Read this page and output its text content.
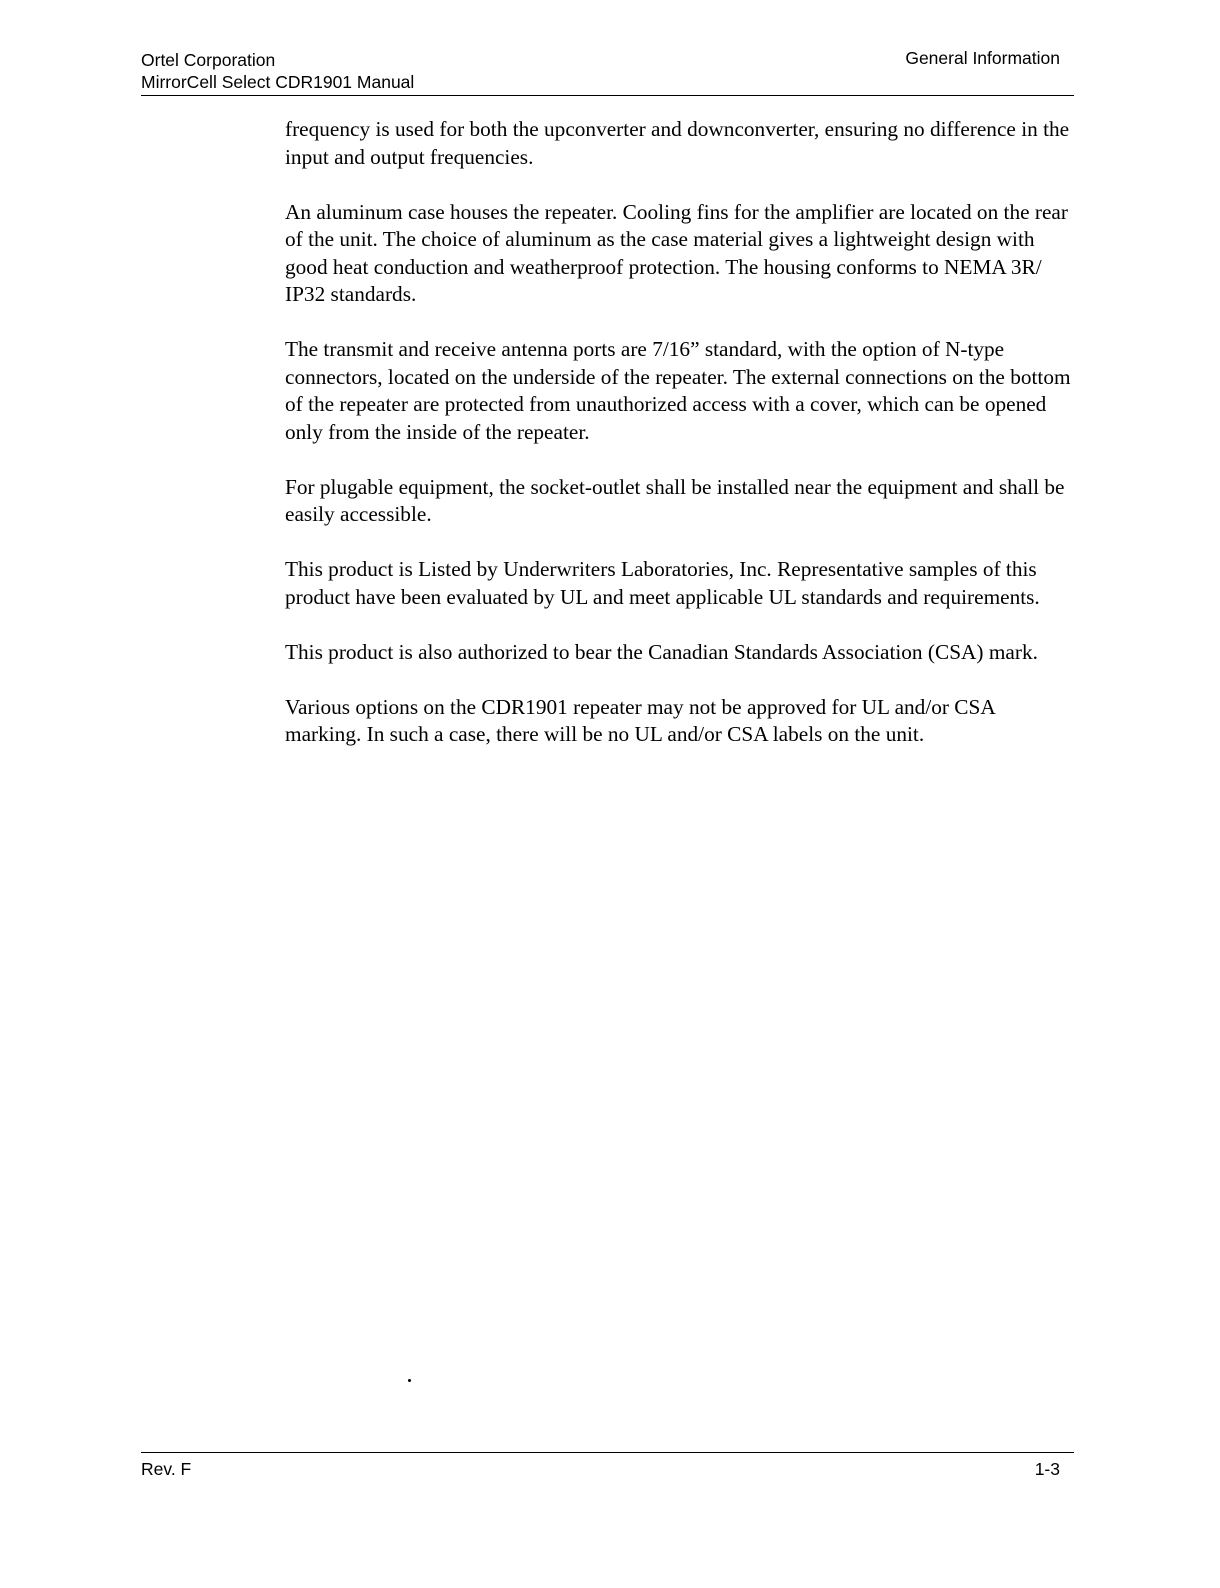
Ortel Corporation
MirrorCell Select CDR1901 Manual
General Information

frequency is used for both the upconverter and downconverter, ensuring no difference in the input and output frequencies.

An aluminum case houses the repeater. Cooling fins for the amplifier are located on the rear of the unit. The choice of aluminum as the case material gives a lightweight design with good heat conduction and weatherproof protection. The housing conforms to NEMA 3R/ IP32 standards.

The transmit and receive antenna ports are 7/16” standard, with the option of N-type connectors, located on the underside of the repeater. The external connections on the bottom of the repeater are protected from unauthorized access with a cover, which can be opened only from the inside of the repeater.

For plugable equipment, the socket-outlet shall be installed near the equipment and shall be easily accessible.

This product is Listed by Underwriters Laboratories, Inc. Representative samples of this product have been evaluated by UL and meet applicable UL standards and requirements.

This product is also authorized to bear the Canadian Standards Association (CSA) mark.

Various options on the CDR1901 repeater may not be approved for UL and/or CSA marking. In such a case, there will be no UL and/or CSA labels on the unit.

Rev. F	1-3
